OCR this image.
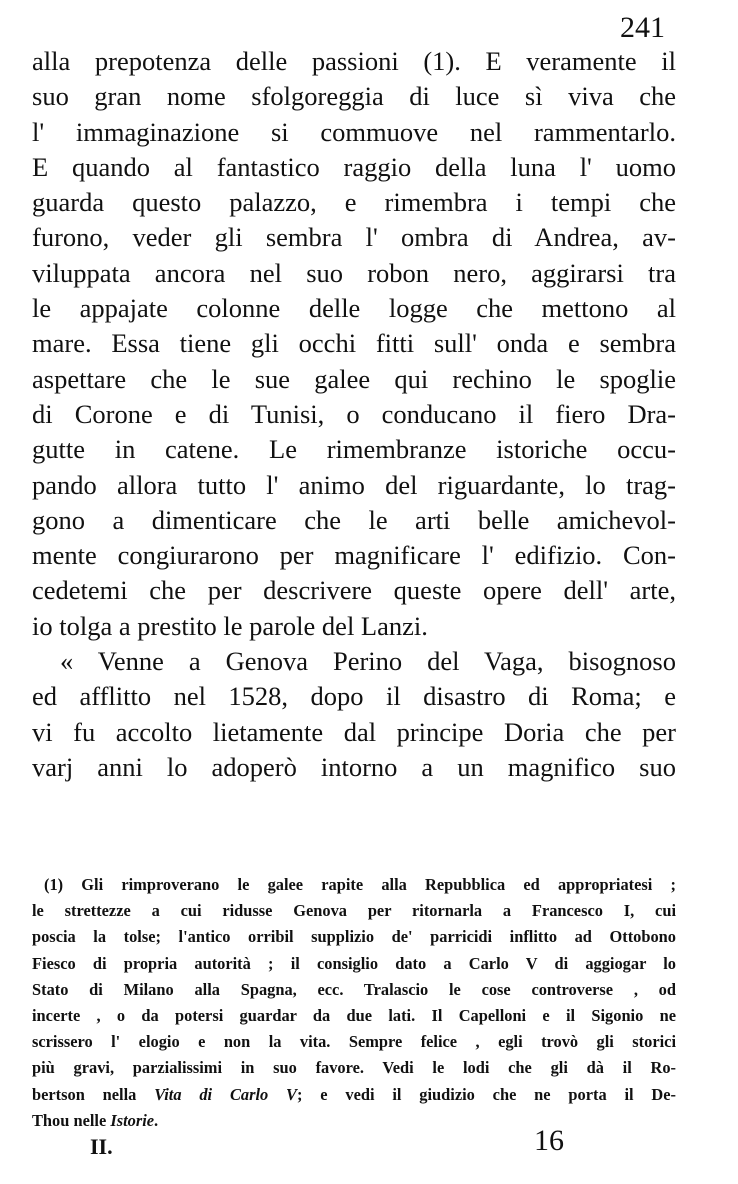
241
alla prepotenza delle passioni (1). E veramente il
suo gran nome sfolgoreggia di luce sì viva che
l' immaginazione si commuove nel rammentarlo.
E quando al fantastico raggio della luna l' uomo
guarda questo palazzo, e rimembra i tempi che
furono, veder gli sembra l' ombra di Andrea, av-
viluppata ancora nel suo robon nero, aggirarsi tra
le appajate colonne delle logge che mettono al
mare. Essa tiene gli occhi fitti sull' onda e sembra
aspettare che le sue galee qui rechino le spoglie
di Corone e di Tunisi, o conducano il fiero Dra-
gutte in catene. Le rimembranze istoriche occu-
pando allora tutto l' animo del riguardante, lo trag-
gono a dimenticare che le arti belle amichevol-
mente congiurarono per magnificare l' edifizio. Con-
cedetemi che per descrivere queste opere dell' arte,
io tolga a prestito le parole del Lanzi.
« Venne a Genova Perino del Vaga, bisognoso
ed afflitto nel 1528, dopo il disastro di Roma; e
vi fu accolto lietamente dal principe Doria che per
varj anni lo adoperò intorno a un magnifico suo
(1) Gli rimproverano le galee rapite alla Repubblica ed appropriatesi ;
le strettezze a cui ridusse Genova per ritornarla a Francesco I, cui
poscia la tolse; l'antico orribil supplizio de' parricidi inflitto ad Ottobono
Fiesco di propria autorità ; il consiglio dato a Carlo V di aggiogar lo
Stato di Milano alla Spagna, ecc. Tralascio le cose controverse , od
incerte , o da potersi guardar da due lati. Il Capelloni e il Sigonio ne
scrissero l' elogio e non la vita. Sempre felice , egli trovò gli storici
più gravi, parzialissimi in suo favore. Vedi le lodi che gli dà il Ro-
bertson nella Vita di Carlo V; e vedi il giudizio che ne porta il De-
Thou nelle Istorie.
II.	16
